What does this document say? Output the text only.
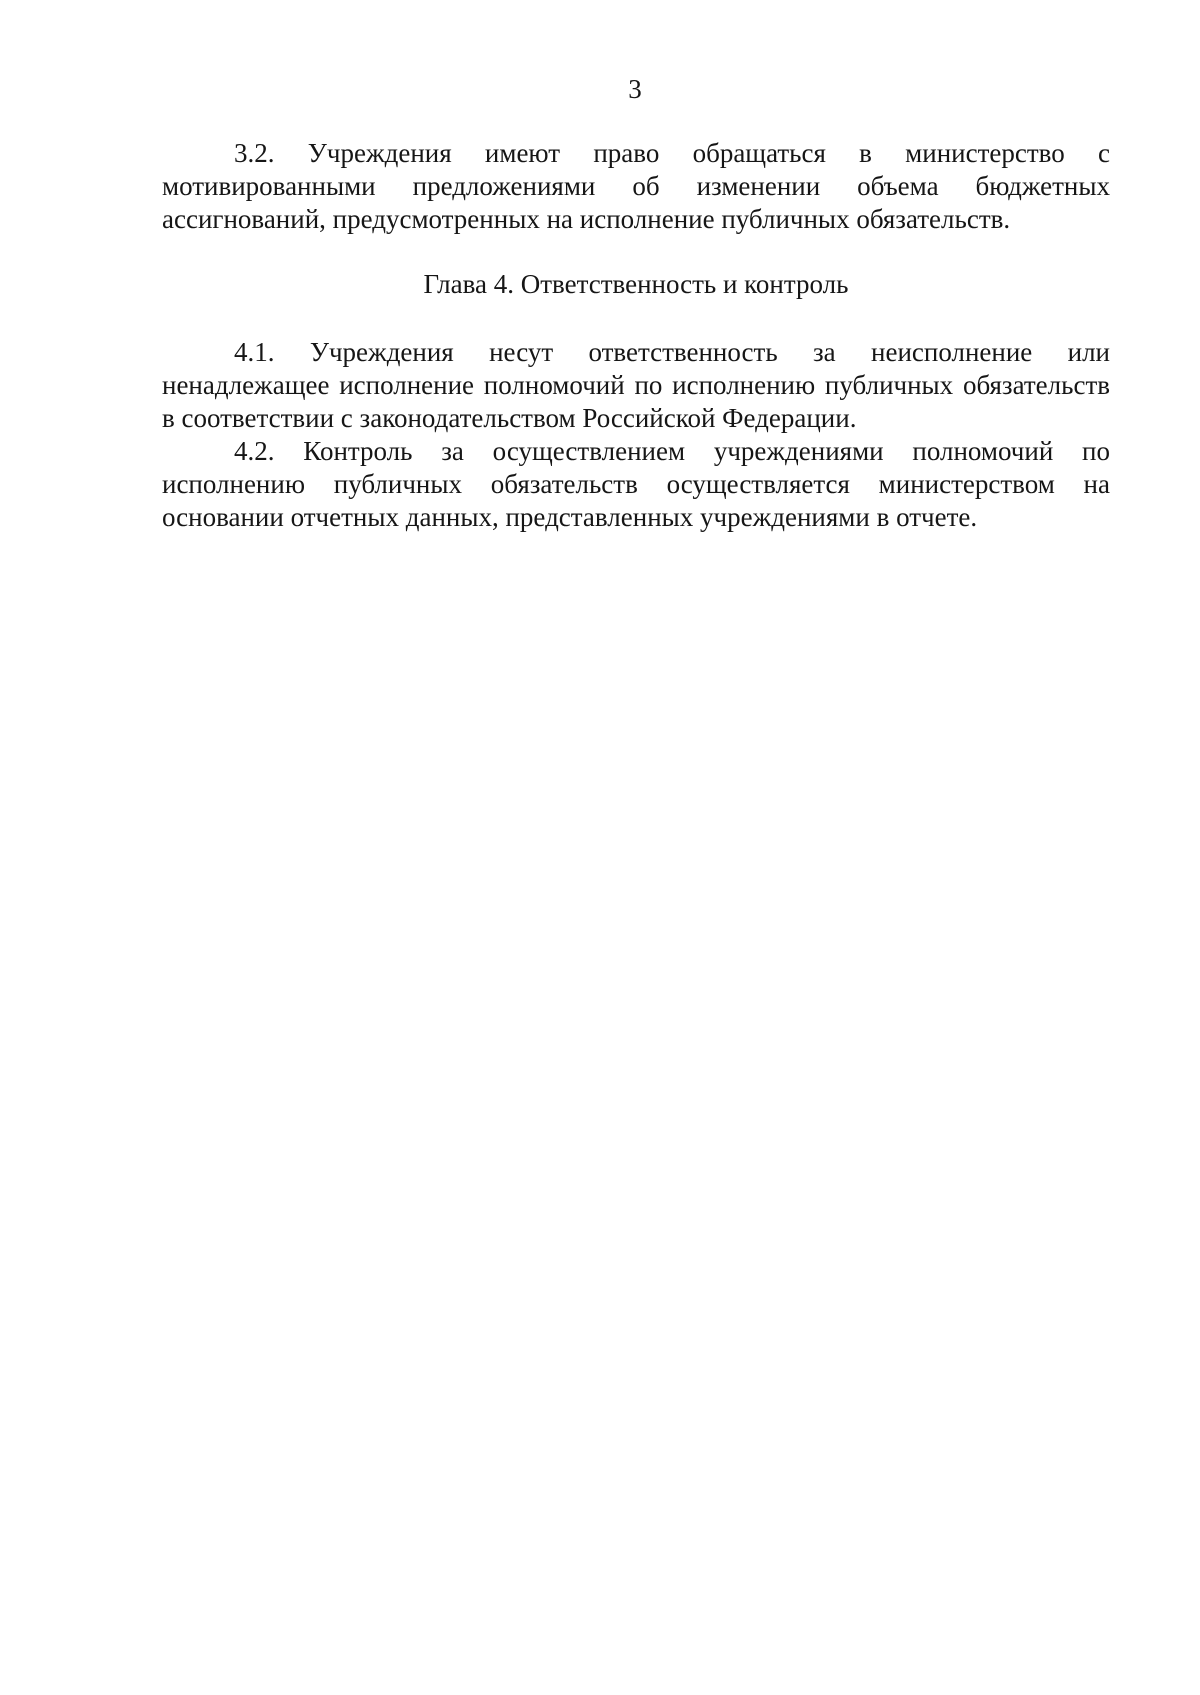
3

3.2. Учреждения имеют право обращаться в министерство с мотивированными предложениями об изменении объема бюджетных ассигнований, предусмотренных на исполнение публичных обязательств.

Глава 4. Ответственность и контроль

4.1. Учреждения несут ответственность за неисполнение или ненадлежащее исполнение полномочий по исполнению публичных обязательств в соответствии с законодательством Российской Федерации.

4.2. Контроль за осуществлением учреждениями полномочий по исполнению публичных обязательств осуществляется министерством на основании отчетных данных, представленных учреждениями в отчете.
